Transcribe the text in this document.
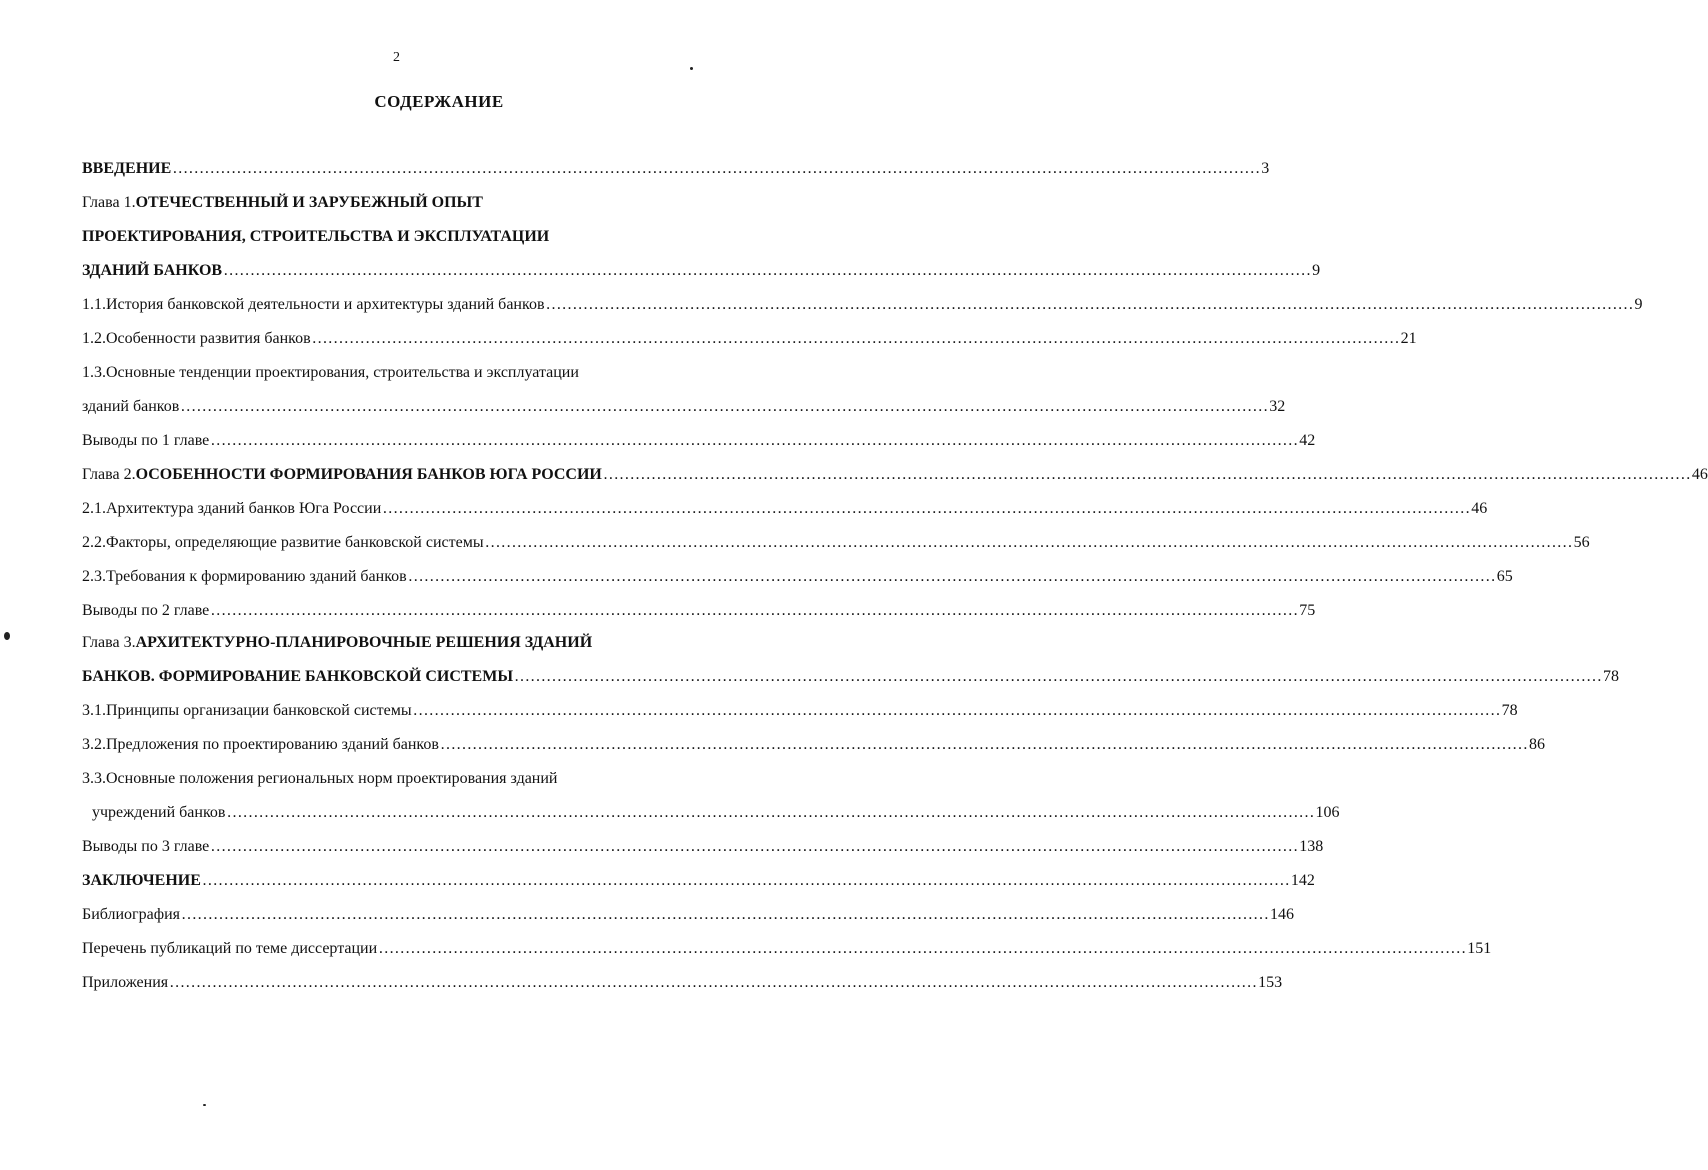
2
СОДЕРЖАНИЕ
ВВЕДЕНИЕ …………………………………………………………………………………………………………………………………………………………………………………… 3
Глава 1.ОТЕЧЕСТВЕННЫЙ И ЗАРУБЕЖНЫЙ ОПЫТ
ПРОЕКТИРОВАНИЯ, СТРОИТЕЛЬСТВА И ЭКСПЛУАТАЦИИ
ЗДАНИЙ БАНКОВ …………………………………………………………………………………………………………………………………………………………………………………… 9
1.1.История банковской деятельности и архитектуры зданий банков …………………………………………………………………………………………………………………………………………………………………………………… 9
1.2.Особенности развития банков …………………………………………………………………………………………………………………………………………………………………………………… 21
1.3.Основные тенденции проектирования, строительства и эксплуатации
зданий банков …………………………………………………………………………………………………………………………………………………………………………………… 32
Выводы по 1 главе …………………………………………………………………………………………………………………………………………………………………………………… 42
Глава 2. ОСОБЕННОСТИ ФОРМИРОВАНИЯ БАНКОВ ЮГА РОССИИ …………………………………………………………………………………………………………………………………………………………………………………… 46
2.1.Архитектура зданий банков Юга России …………………………………………………………………………………………………………………………………………………………………………………… 46
2.2.Факторы, определяющие развитие банковской системы …………………………………………………………………………………………………………………………………………………………………………………… 56
2.3.Требования к формированию зданий банков …………………………………………………………………………………………………………………………………………………………………………………… 65
Выводы по 2 главе …………………………………………………………………………………………………………………………………………………………………………………… 75
Глава 3.АРХИТЕКТУРНО-ПЛАНИРОВОЧНЫЕ РЕШЕНИЯ ЗДАНИЙ
БАНКОВ. ФОРМИРОВАНИЕ БАНКОВСКОЙ СИСТЕМЫ …………………………………………………………………………………………………………………………………………………………………………………… 78
3.1.Принципы организации банковской системы …………………………………………………………………………………………………………………………………………………………………………………… 78
3.2.Предложения по проектированию зданий банков …………………………………………………………………………………………………………………………………………………………………………………… 86
3.3.Основные положения региональных норм проектирования зданий
учреждений банков …………………………………………………………………………………………………………………………………………………………………………………… 106
Выводы по 3 главе …………………………………………………………………………………………………………………………………………………………………………………… 138
ЗАКЛЮЧЕНИЕ …………………………………………………………………………………………………………………………………………………………………………………… 142
Библиография …………………………………………………………………………………………………………………………………………………………………………………… 146
Перечень публикаций по теме диссертации …………………………………………………………………………………………………………………………………………………………………………………… 151
Приложения …………………………………………………………………………………………………………………………………………………………………………………… 153
